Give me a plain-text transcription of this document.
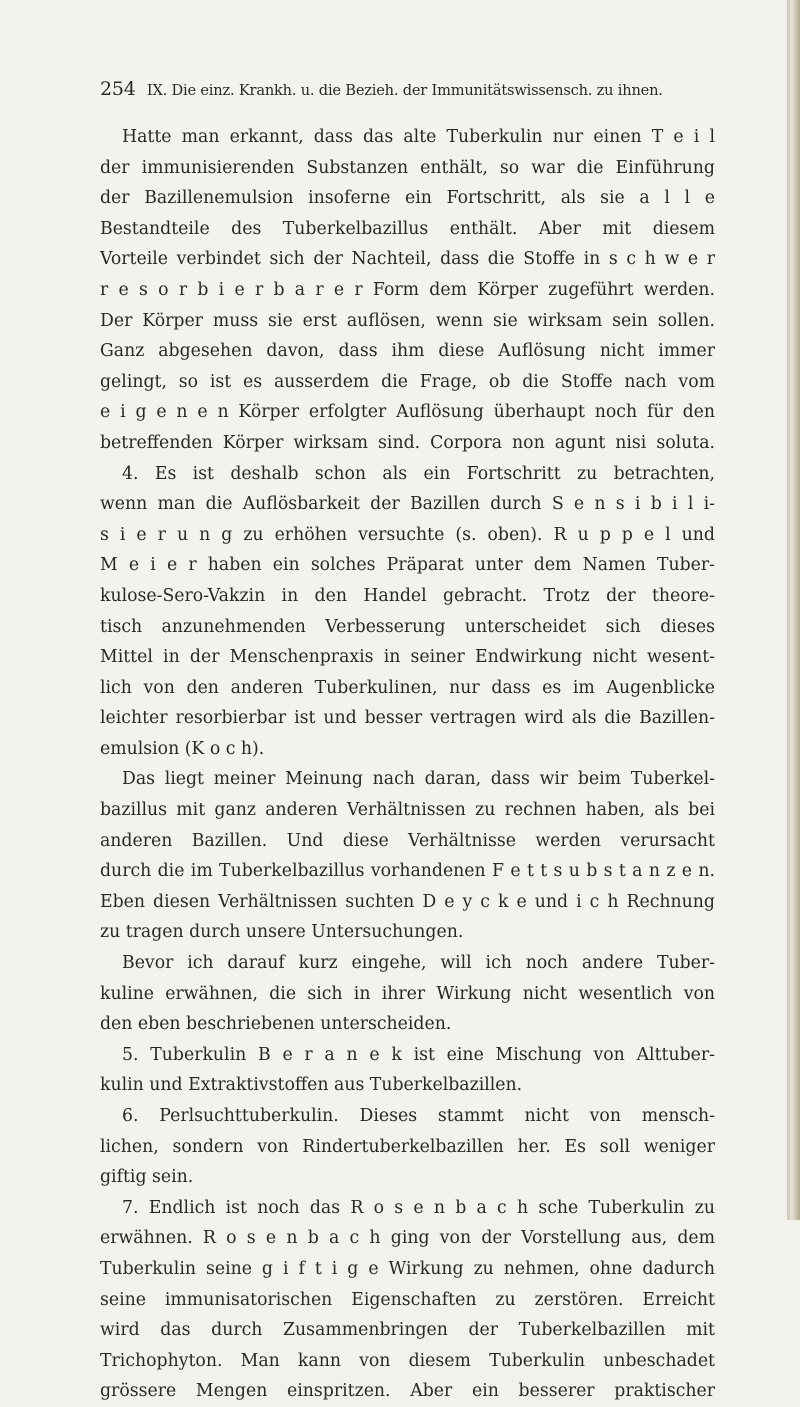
254 IX. Die einz. Krankh. u. die Bezieh. der Immunitätswissensch. zu ihnen.
Hatte man erkannt, dass das alte Tuberkulin nur einen T e i l
der immunisierenden Substanzen enthält, so war die Einführung
der Bazillenemulsion insoferne ein Fortschritt, als sie a l l e
Bestandteile des Tuberkelbazillus enthält. Aber mit diesem
Vorteile verbindet sich der Nachteil, dass die Stoffe in s c h w e r
r e s o r b i e r b a r e r Form dem Körper zugeführt werden.
Der Körper muss sie erst auflösen, wenn sie wirksam sein sollen.
Ganz abgesehen davon, dass ihm diese Auflösung nicht immer
gelingt, so ist es ausserdem die Frage, ob die Stoffe nach vom
e i g e n e n Körper erfolgter Auflösung überhaupt noch für den
betreffenden Körper wirksam sind. Corpora non agunt nisi soluta.
4. Es ist deshalb schon als ein Fortschritt zu betrachten,
wenn man die Auflösbarkeit der Bazillen durch S e n s i b i l i-
s i e r u n g zu erhöhen versuchte (s. oben). R u p p e l und
M e i e r haben ein solches Präparat unter dem Namen Tuber-
kulose-Sero-Vakzin in den Handel gebracht. Trotz der theore-
tisch anzunehmenden Verbesserung unterscheidet sich dieses
Mittel in der Menschenpraxis in seiner Endwirkung nicht wesent-
lich von den anderen Tuberkulinen, nur dass es im Augenblicke
leichter resorbierbar ist und besser vertragen wird als die Bazillen-
emulsion (K o c h).
Das liegt meiner Meinung nach daran, dass wir beim Tuberkel-
bazillus mit ganz anderen Verhältnissen zu rechnen haben, als bei
anderen Bazillen. Und diese Verhältnisse werden verursacht
durch die im Tuberkelbazillus vorhandenen F e t t s u b s t a n z e n.
Eben diesen Verhältnissen suchten D e y c k e und i c h Rechnung
zu tragen durch unsere Untersuchungen.
Bevor ich darauf kurz eingehe, will ich noch andere Tuber-
kuline erwähnen, die sich in ihrer Wirkung nicht wesentlich von
den eben beschriebenen unterscheiden.
5. Tuberkulin B e r a n e k ist eine Mischung von Alttuber-
kulin und Extraktivstoffen aus Tuberkelbazillen.
6. Perlsuchttuberkulin. Dieses stammt nicht von mensch-
lichen, sondern von Rindertuberkelbazillen her. Es soll weniger
giftig sein.
7. Endlich ist noch das R o s e n b a c h sche Tuberkulin zu
erwähnen. R o s e n b a c h ging von der Vorstellung aus, dem
Tuberkulin seine g i f t i g e Wirkung zu nehmen, ohne dadurch
seine immunisatorischen Eigenschaften zu zerstören. Erreicht
wird das durch Zusammenbringen der Tuberkelbazillen mit
Trichophyton. Man kann von diesem Tuberkulin unbeschadet
grössere Mengen einspritzen. Aber ein besserer praktischer
